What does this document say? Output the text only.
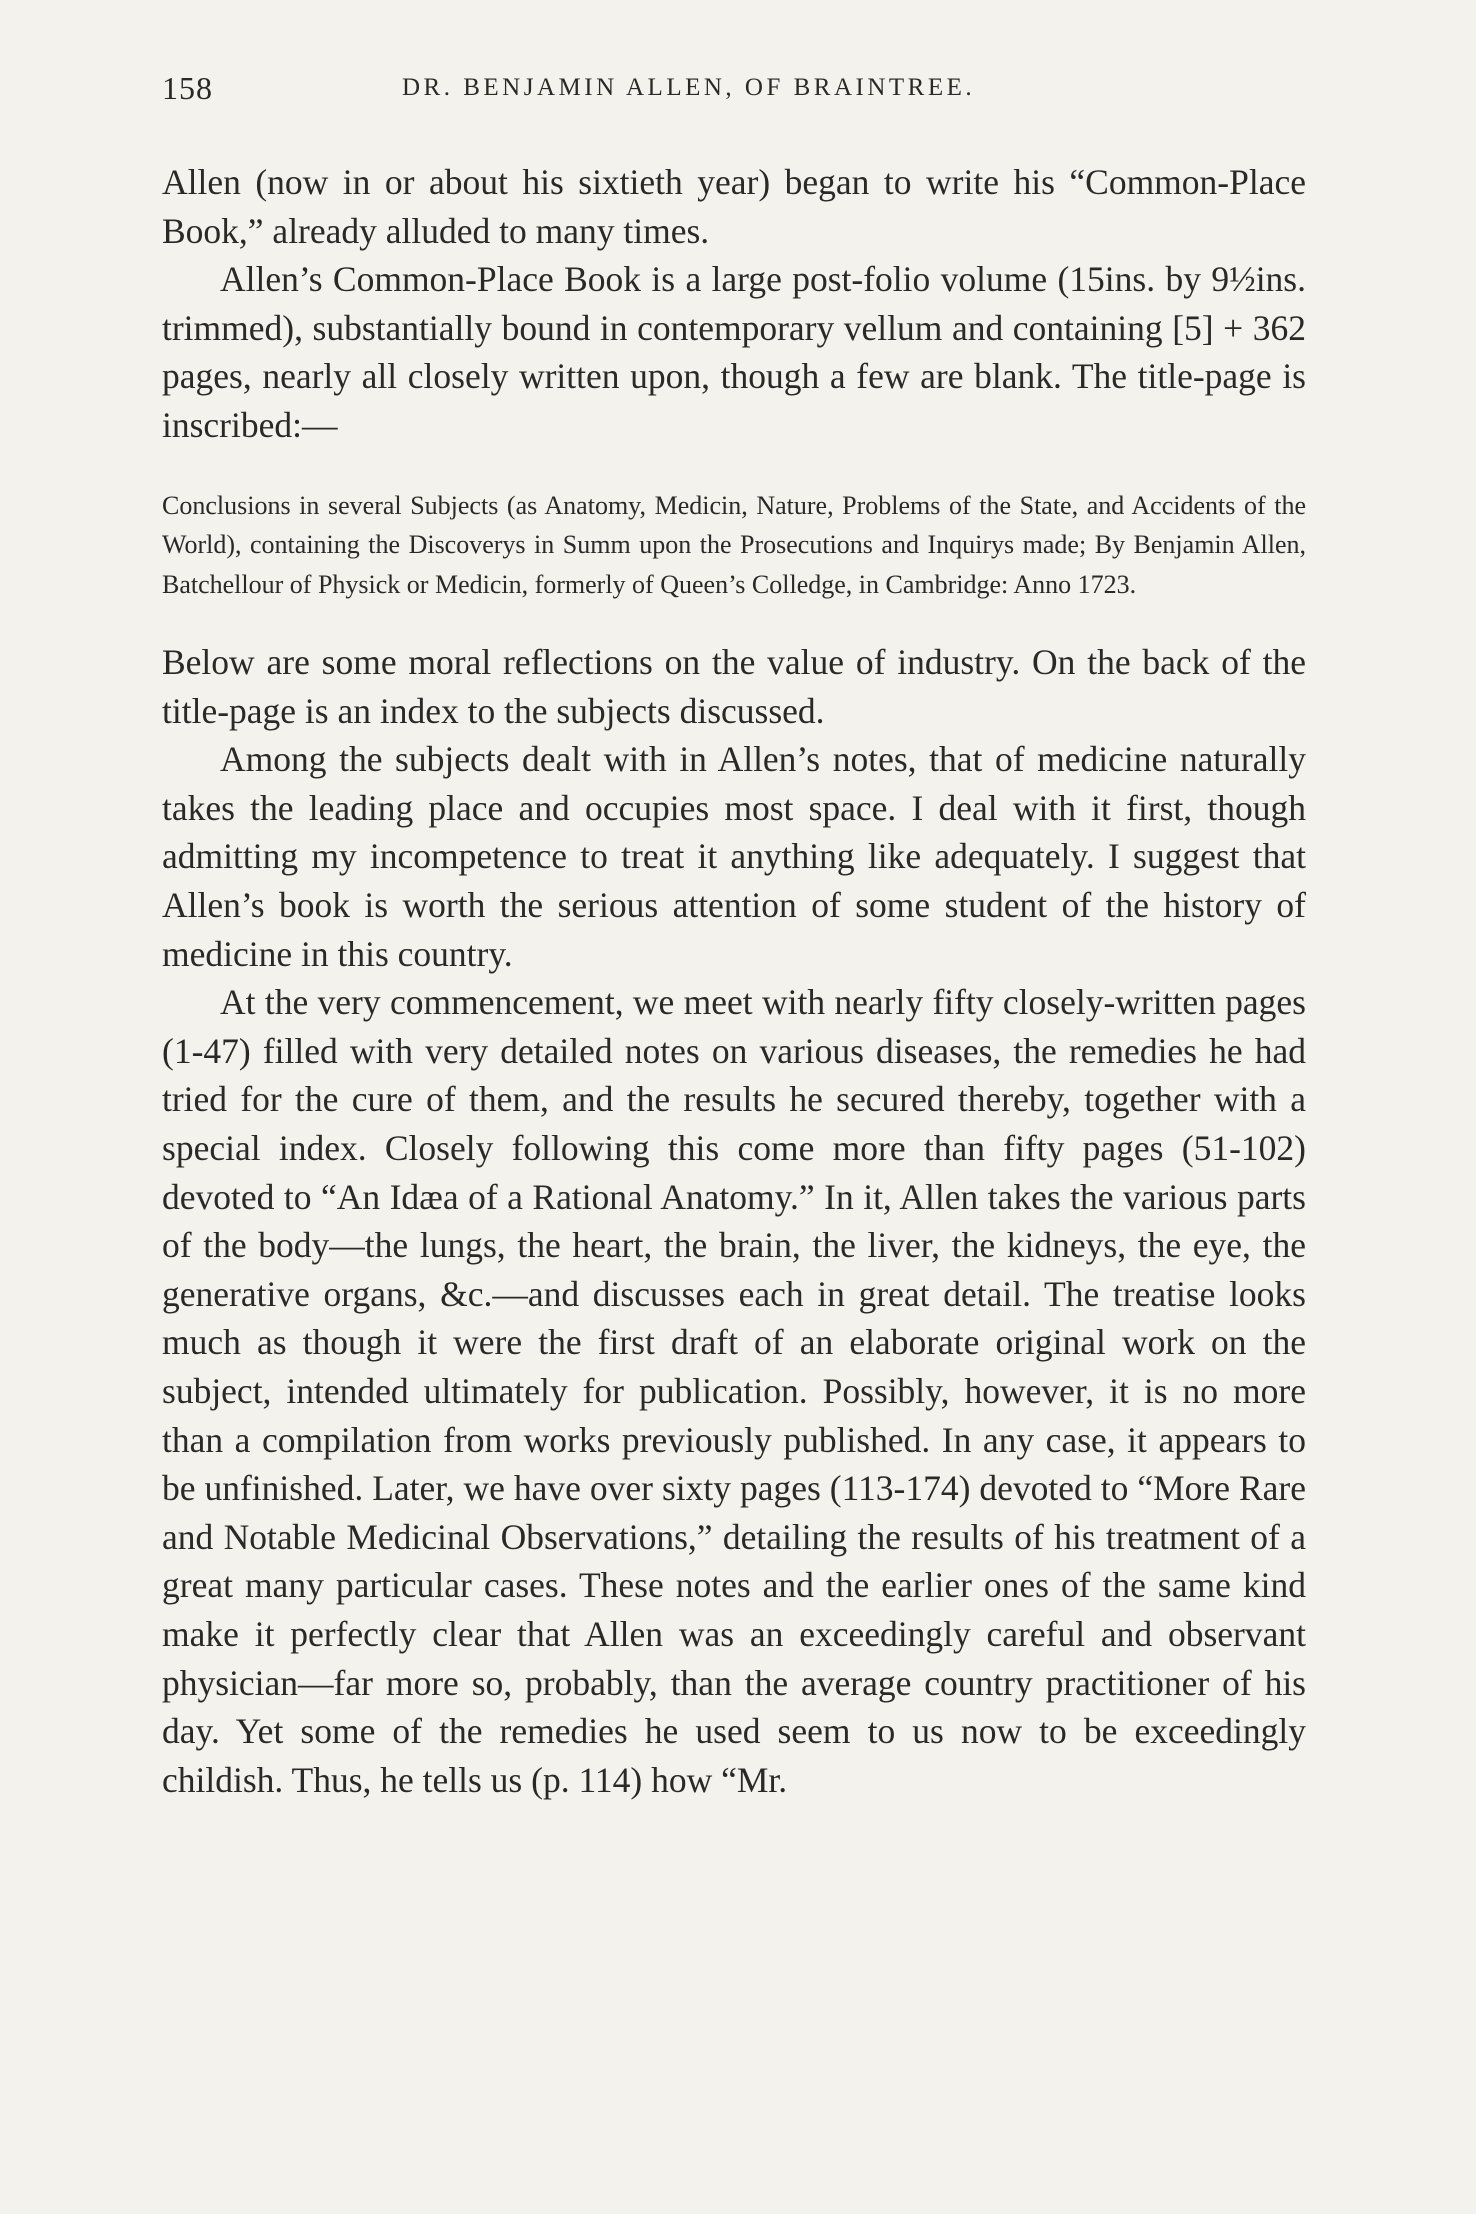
158	DR. BENJAMIN ALLEN, OF BRAINTREE.

Allen (now in or about his sixtieth year) began to write his “Common-Place Book,” already alluded to many times.

Allen’s Common-Place Book is a large post-folio volume (15ins. by 9½ins. trimmed), substantially bound in contemporary vellum and containing [5] + 362 pages, nearly all closely written upon, though a few are blank. The title-page is inscribed:—

Conclusions in several Subjects (as Anatomy, Medicin, Nature, Problems of the State, and Accidents of the World), containing the Discoverys in Summ upon the Prosecutions and Inquirys made; By Benjamin Allen, Batchellour of Physick or Medicin, formerly of Queen’s Colledge, in Cambridge: Anno 1723.

Below are some moral reflections on the value of industry. On the back of the title-page is an index to the subjects discussed.

Among the subjects dealt with in Allen’s notes, that of medicine naturally takes the leading place and occupies most space. I deal with it first, though admitting my incompetence to treat it anything like adequately. I suggest that Allen’s book is worth the serious attention of some student of the history of medicine in this country.

At the very commencement, we meet with nearly fifty closely-written pages (1-47) filled with very detailed notes on various diseases, the remedies he had tried for the cure of them, and the results he secured thereby, together with a special index. Closely following this come more than fifty pages (51-102) devoted to “An Idæa of a Rational Anatomy.” In it, Allen takes the various parts of the body—the lungs, the heart, the brain, the liver, the kidneys, the eye, the generative organs, &c.—and discusses each in great detail. The treatise looks much as though it were the first draft of an elaborate original work on the subject, intended ultimately for publication. Possibly, however, it is no more than a compilation from works previously published. In any case, it appears to be unfinished. Later, we have over sixty pages (113-174) devoted to “More Rare and Notable Medicinal Observations,” detailing the results of his treatment of a great many particular cases. These notes and the earlier ones of the same kind make it perfectly clear that Allen was an exceedingly careful and observant physician—far more so, probably, than the average country practitioner of his day. Yet some of the remedies he used seem to us now to be exceedingly childish. Thus, he tells us (p. 114) how “Mr.
